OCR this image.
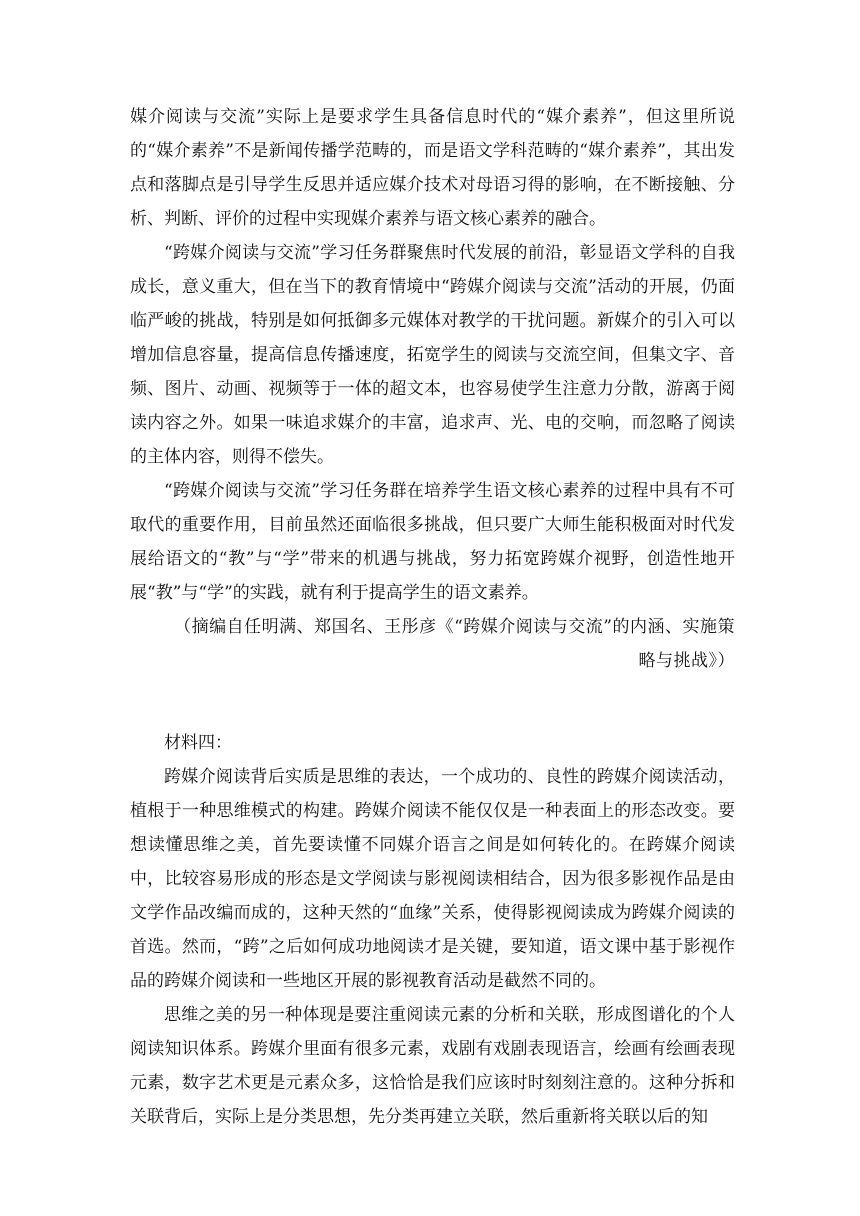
媒介阅读与交流”实际上是要求学生具备信息时代的“媒介素养”，但这里所说的“媒介素养”不是新闻传播学范畴的，而是语文学科范畴的“媒介素养”，其出发点和落脚点是引导学生反思并适应媒介技术对母语习得的影响，在不断接触、分析、判断、评价的过程中实现媒介素养与语文核心素养的融合。

“跨媒介阅读与交流”学习任务群聚焦时代发展的前沿，彰显语文学科的自我成长，意义重大，但在当下的教育情境中“跨媒介阅读与交流”活动的开展，仍面临严峻的挑战，特别是如何抵御多元媒体对教学的干扰问题。新媒介的引入可以增加信息容量，提高信息传播速度，拓宽学生的阅读与交流空间，但集文字、音频、图片、动画、视频等于一体的超文本，也容易使学生注意力分散，游离于阅读内容之外。如果一味追求媒介的丰富，追求声、光、电的交响，而忽略了阅读的主体内容，则得不偿失。

“跨媒介阅读与交流”学习任务群在培养学生语文核心素养的过程中具有不可取代的重要作用，目前虽然还面临很多挑战，但只要广大师生能积极面对时代发展给语文的“教”与“学”带来的机遇与挑战，努力拓宽跨媒介视野，创造性地开展“教”与“学”的实践，就有利于提高学生的语文素养。

（摘编自任明满、郑国名、王彤彦《“跨媒介阅读与交流”的内涵、实施策略与挑战》）

材料四：

跨媒介阅读背后实质是思维的表达，一个成功的、良性的跨媒介阅读活动，植根于一种思维模式的构建。跨媒介阅读不能仅仅是一种表面上的形态改变。要想读懂思维之美，首先要读懂不同媒介语言之间是如何转化的。在跨媒介阅读中，比较容易形成的形态是文学阅读与影视阅读相结合，因为很多影视作品是由文学作品改编而成的，这种天然的“血缘”关系，使得影视阅读成为跨媒介阅读的首选。然而，“跨”之后如何成功地阅读才是关键，要知道，语文课中基于影视作品的跨媒介阅读和一些地区开展的影视教育活动是截然不同的。

思维之美的另一种体现是要注重阅读元素的分析和关联，形成图谱化的个人阅读知识体系。跨媒介里面有很多元素，戏剧有戏剧表现语言，绘画有绘画表现元素，数字艺术更是元素众多，这恰恰是我们应该时时刻刻注意的。这种分拆和关联背后，实际上是分类思想，先分类再建立关联，然后重新将关联以后的知
